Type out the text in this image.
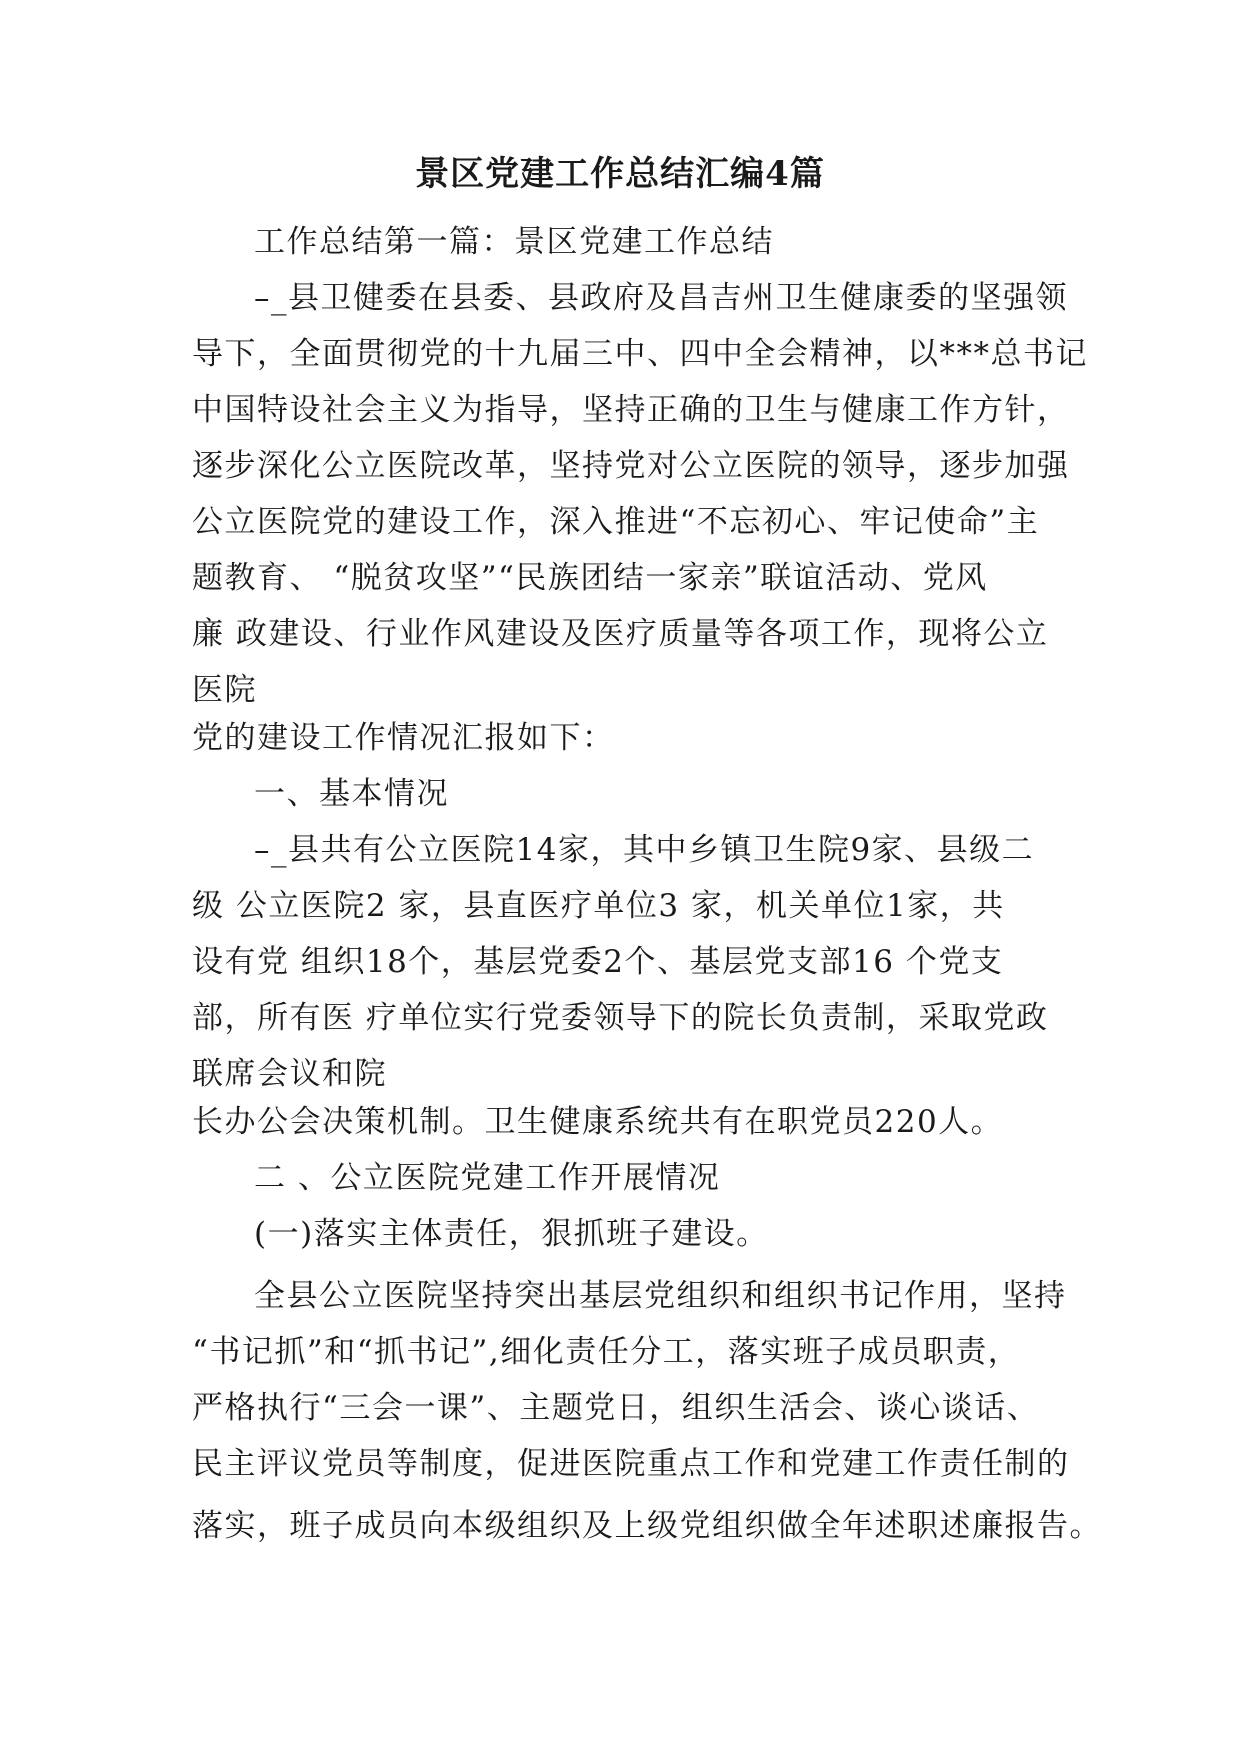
景区党建工作总结汇编4篇
工作总结第一篇：景区党建工作总结
–_县卫健委在县委、县政府及昌吉州卫生健康委的坚强领
导下，全面贯彻党的十九届三中、四中全会精神，以***总书记
中国特设社会主义为指导，坚持正确的卫生与健康工作方针，
逐步深化公立医院改革，坚持党对公立医院的领导，逐步加强
公立医院党的建设工作，深入推进“不忘初心、牢记使命”主
题教育、 “脱贫攻坚”“民族团结一家亲”联谊活动、党风
廉 政建设、行业作风建设及医疗质量等各项工作，现将公立
医院
党的建设工作情况汇报如下：
一、基本情况
–_县共有公立医院14家，其中乡镇卫生院9家、县级二
级 公立医院2 家，县直医疗单位3 家，机关单位1家，共
设有党 组织18个，基层党委2个、基层党支部16 个党支
部，所有医 疗单位实行党委领导下的院长负责制，采取党政
联席会议和院
长办公会决策机制。卫生健康系统共有在职党员220人。
二 、公立医院党建工作开展情况
(一)落实主体责任，狠抓班子建设。
全县公立医院坚持突出基层党组织和组织书记作用，坚持
“书记抓”和“抓书记”,细化责任分工，落实班子成员职责，
严格执行“三会一课”、主题党日，组织生活会、谈心谈话、
民主评议党员等制度，促进医院重点工作和党建工作责任制的
落实，班子成员向本级组织及上级党组织做全年述职述廉报告。
